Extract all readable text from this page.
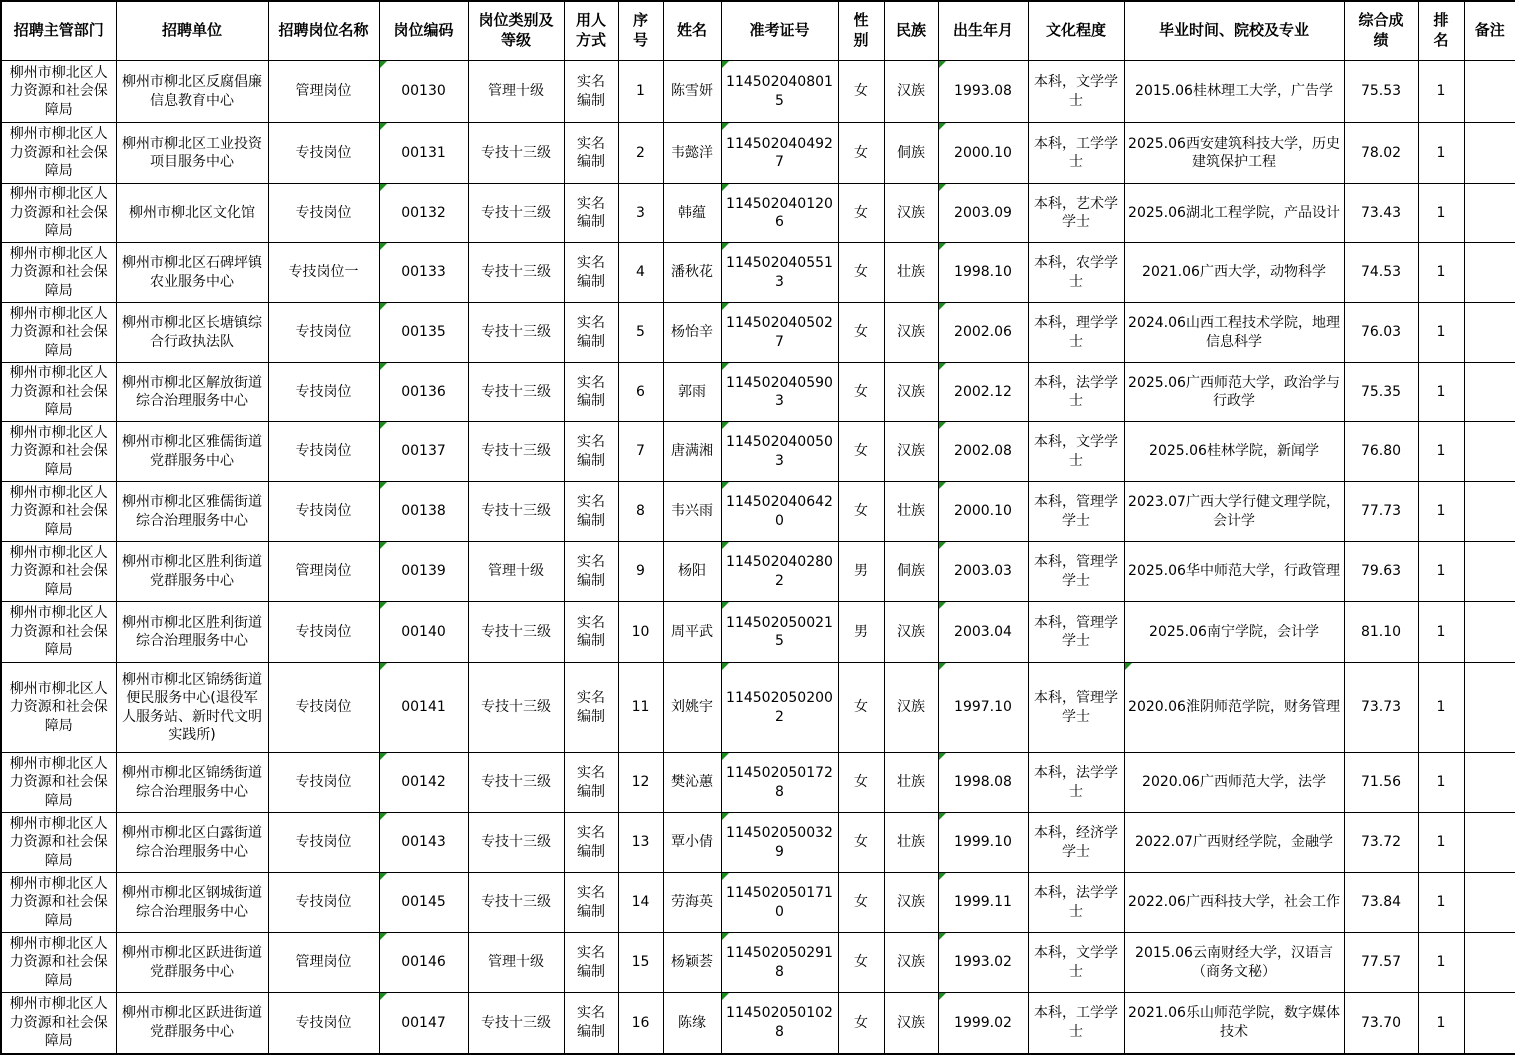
招聘主管部门	招聘单位	招聘岗位名称	岗位编码	岗位类别及等级	用人方式	序号	姓名	准考证号	性别	民族	出生年月	文化程度	毕业时间、院校及专业	综合成绩	排名	备注
柳州市柳北区人力资源和社会保障局	柳州市柳北区反腐倡廉信息教育中心	管理岗位	00130	管理十级	实名编制	1	陈雪妍	1145020408015	女	汉族	1993.08	本科，文学学士	2015.06桂林理工大学，广告学	75.53	1	
柳州市柳北区人力资源和社会保障局	柳州市柳北区工业投资项目服务中心	专技岗位	00131	专技十三级	实名编制	2	韦懿洋	1145020404927	女	侗族	2000.10	本科，工学学士	2025.06西安建筑科技大学，历史建筑保护工程	78.02	1	
柳州市柳北区人力资源和社会保障局	柳州市柳北区文化馆	专技岗位	00132	专技十三级	实名编制	3	韩蕴	1145020401206	女	汉族	2003.09	本科，艺术学学士	2025.06湖北工程学院，产品设计	73.43	1	
柳州市柳北区人力资源和社会保障局	柳州市柳北区石碑坪镇农业服务中心	专技岗位一	00133	专技十三级	实名编制	4	潘秋花	1145020405513	女	壮族	1998.10	本科，农学学士	2021.06广西大学，动物科学	74.53	1	
柳州市柳北区人力资源和社会保障局	柳州市柳北区长塘镇综合行政执法队	专技岗位	00135	专技十三级	实名编制	5	杨怡辛	1145020405027	女	汉族	2002.06	本科，理学学士	2024.06山西工程技术学院，地理信息科学	76.03	1	
柳州市柳北区人力资源和社会保障局	柳州市柳北区解放街道综合治理服务中心	专技岗位	00136	专技十三级	实名编制	6	郭雨	1145020405903	女	汉族	2002.12	本科，法学学士	2025.06广西师范大学，政治学与行政学	75.35	1	
柳州市柳北区人力资源和社会保障局	柳州市柳北区雅儒街道党群服务中心	专技岗位	00137	专技十三级	实名编制	7	唐满湘	1145020400503	女	汉族	2002.08	本科，文学学士	2025.06桂林学院，新闻学	76.80	1	
柳州市柳北区人力资源和社会保障局	柳州市柳北区雅儒街道综合治理服务中心	专技岗位	00138	专技十三级	实名编制	8	韦兴雨	1145020406420	女	壮族	2000.10	本科，管理学学士	2023.07广西大学行健文理学院，会计学	77.73	1	
柳州市柳北区人力资源和社会保障局	柳州市柳北区胜利街道党群服务中心	管理岗位	00139	管理十级	实名编制	9	杨阳	1145020402802	男	侗族	2003.03	本科，管理学学士	2025.06华中师范大学，行政管理	79.63	1	
柳州市柳北区人力资源和社会保障局	柳州市柳北区胜利街道综合治理服务中心	专技岗位	00140	专技十三级	实名编制	10	周平武	1145020500215	男	汉族	2003.04	本科，管理学学士	2025.06南宁学院，会计学	81.10	1	
柳州市柳北区人力资源和社会保障局	柳州市柳北区锦绣街道便民服务中心(退役军人服务站、新时代文明实践所)	专技岗位	00141	专技十三级	实名编制	11	刘姚宇	1145020502002	女	汉族	1997.10	本科，管理学学士	2020.06淮阴师范学院，财务管理	73.73	1	
柳州市柳北区人力资源和社会保障局	柳州市柳北区锦绣街道综合治理服务中心	专技岗位	00142	专技十三级	实名编制	12	樊沁蕙	1145020501728	女	壮族	1998.08	本科，法学学士	2020.06广西师范大学，法学	71.56	1	
柳州市柳北区人力资源和社会保障局	柳州市柳北区白露街道综合治理服务中心	专技岗位	00143	专技十三级	实名编制	13	覃小倩	1145020500329	女	壮族	1999.10	本科，经济学学士	2022.07广西财经学院，金融学	73.72	1	
柳州市柳北区人力资源和社会保障局	柳州市柳北区钢城街道综合治理服务中心	专技岗位	00145	专技十三级	实名编制	14	劳海英	1145020501710	女	汉族	1999.11	本科，法学学士	2022.06广西科技大学，社会工作	73.84	1	
柳州市柳北区人力资源和社会保障局	柳州市柳北区跃进街道党群服务中心	管理岗位	00146	管理十级	实名编制	15	杨颖荟	1145020502918	女	汉族	1993.02	本科，文学学士	2015.06云南财经大学，汉语言（商务文秘）	77.57	1	
柳州市柳北区人力资源和社会保障局	柳州市柳北区跃进街道党群服务中心	专技岗位	00147	专技十三级	实名编制	16	陈缘	1145020501028	女	汉族	1999.02	本科，工学学士	2021.06乐山师范学院，数字媒体技术	73.70	1	
